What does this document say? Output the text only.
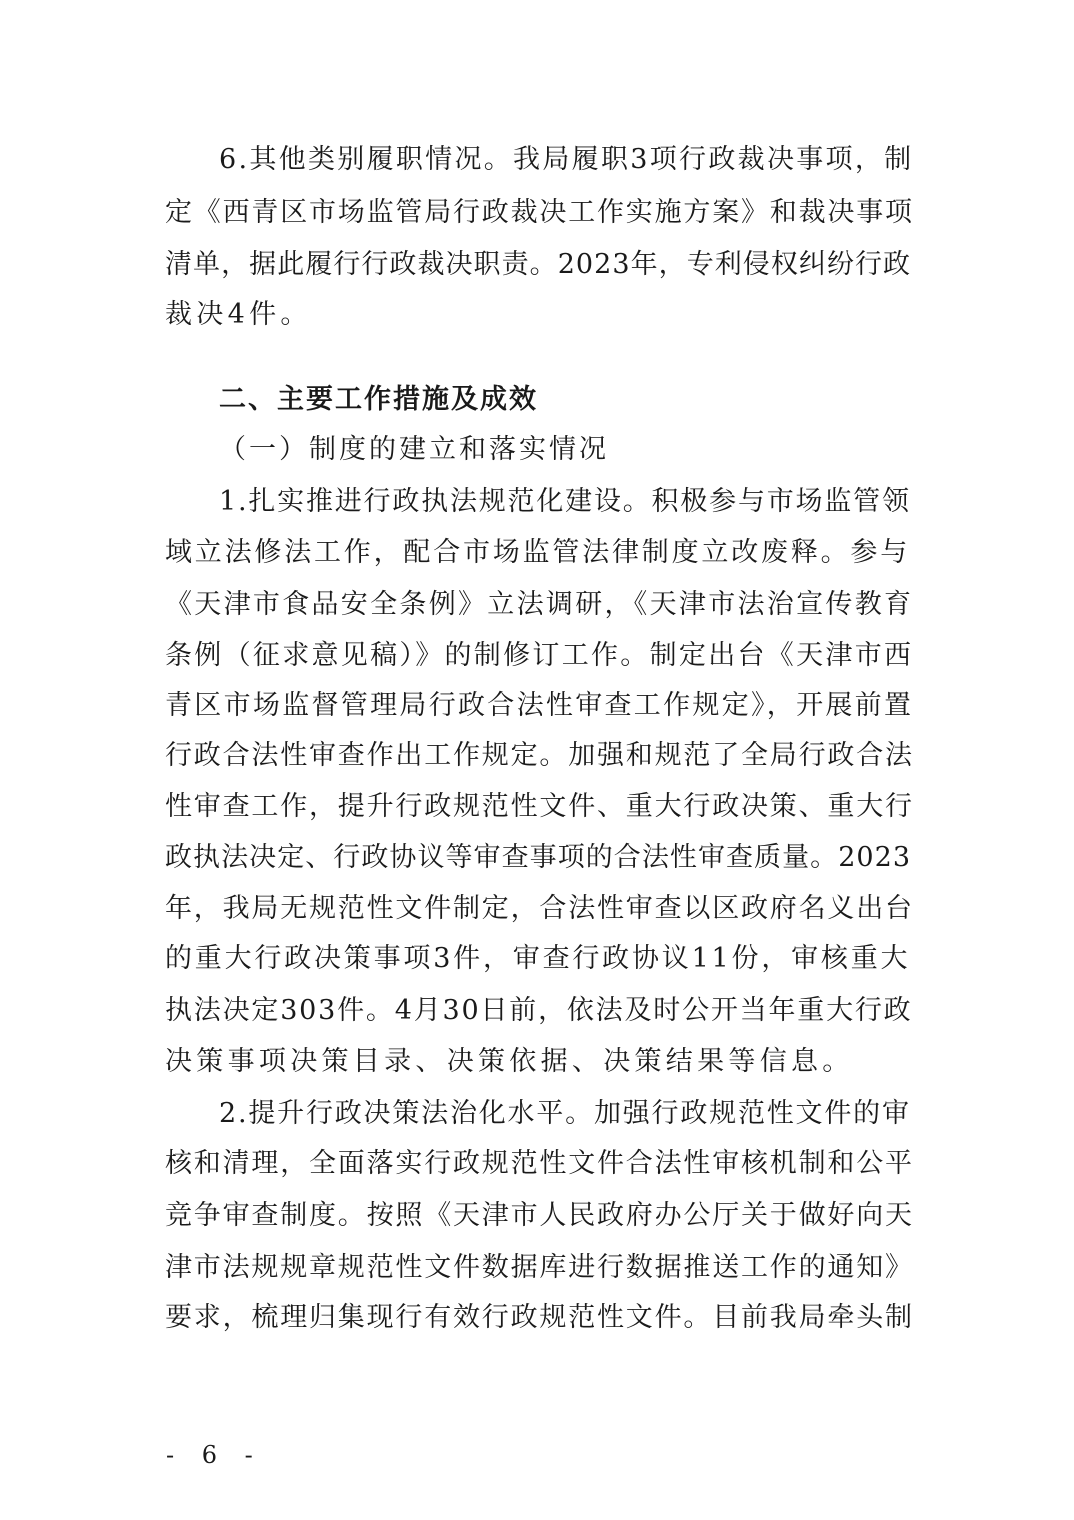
6.其他类别履职情况。我局履职3项行政裁决事项，制
定《西青区市场监管局行政裁决工作实施方案》和裁决事项
清单，据此履行行政裁决职责。2023年，专利侵权纠纷行政
裁决4件。
二、主要工作措施及成效
（一）制度的建立和落实情况
1.扎实推进行政执法规范化建设。积极参与市场监管领
域立法修法工作，配合市场监管法律制度立改废释。参与
《天津市食品安全条例》立法调研，《天津市法治宣传教育
条例（征求意见稿）》的制修订工作。制定出台《天津市西
青区市场监督管理局行政合法性审查工作规定》，开展前置
行政合法性审查作出工作规定。加强和规范了全局行政合法
性审查工作，提升行政规范性文件、重大行政决策、重大行
政执法决定、行政协议等审查事项的合法性审查质量。2023
年，我局无规范性文件制定，合法性审查以区政府名义出台
的重大行政决策事项3件，审查行政协议11份，审核重大
执法决定303件。4月30日前，依法及时公开当年重大行政
决策事项决策目录、决策依据、决策结果等信息。
2.提升行政决策法治化水平。加强行政规范性文件的审
核和清理，全面落实行政规范性文件合法性审核机制和公平
竞争审查制度。按照《天津市人民政府办公厅关于做好向天
津市法规规章规范性文件数据库进行数据推送工作的通知》
要求，梳理归集现行有效行政规范性文件。目前我局牵头制
- 6 -
